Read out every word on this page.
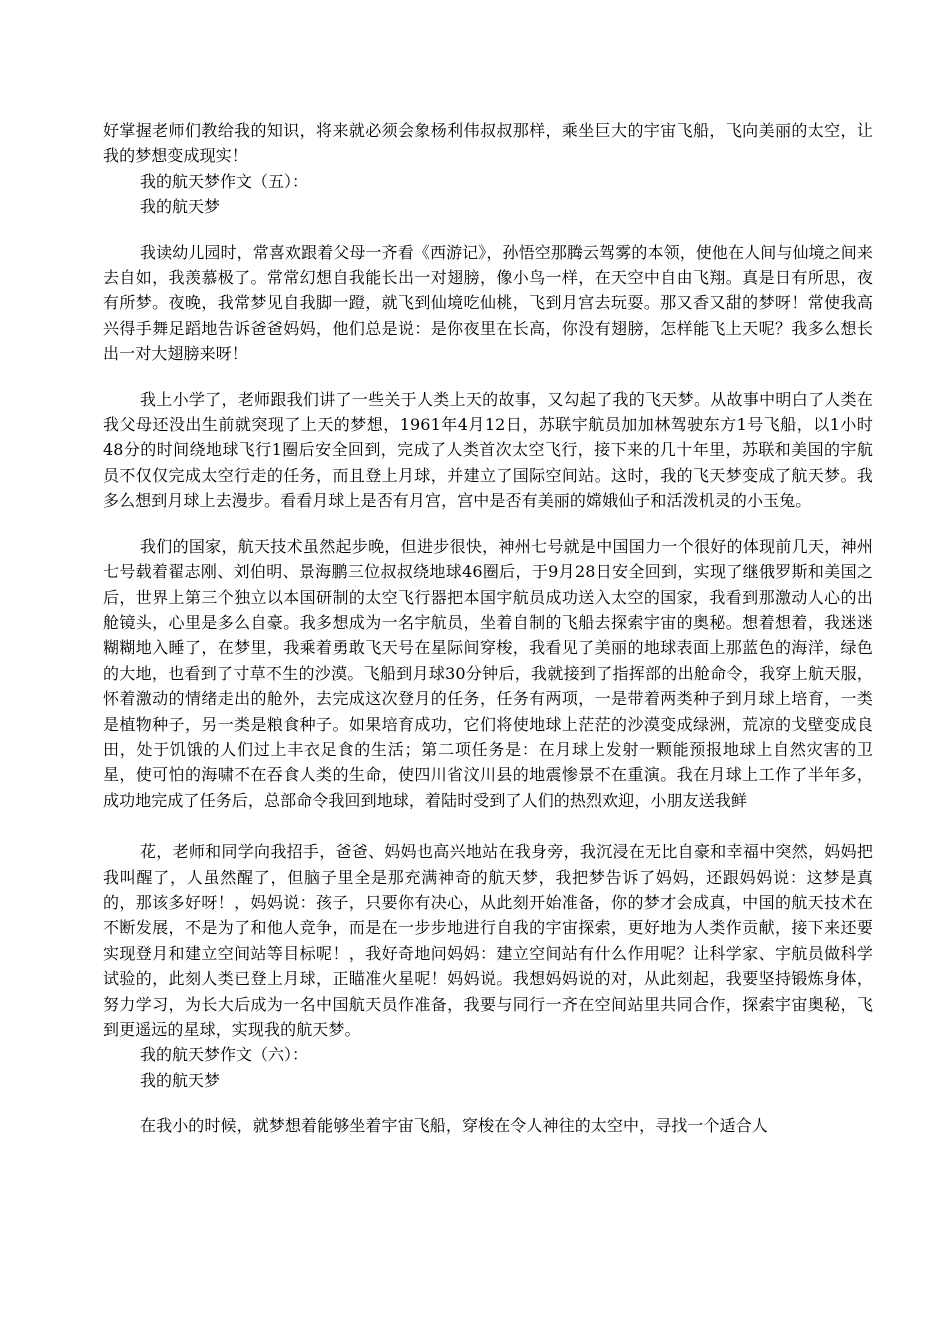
好掌握老师们教给我的知识，将来就必须会象杨利伟叔叔那样，乘坐巨大的宇宙飞船，飞向美丽的太空，让我的梦想变成现实！

我的航天梦作文（五）：

我的航天梦

我读幼儿园时，常喜欢跟着父母一齐看《西游记》，孙悟空那腾云驾雾的本领，使他在人间与仙境之间来去自如，我羡慕极了。常常幻想自我能长出一对翅膀，像小鸟一样，在天空中自由飞翔。真是日有所思，夜有所梦。夜晚，我常梦见自我脚一蹬，就飞到仙境吃仙桃，飞到月宫去玩耍。那又香又甜的梦呀！常使我高兴得手舞足蹈地告诉爸爸妈妈，他们总是说：是你夜里在长高，你没有翅膀，怎样能飞上天呢？我多么想长出一对大翅膀来呀！

我上小学了，老师跟我们讲了一些关于人类上天的故事，又勾起了我的飞天梦。从故事中明白了人类在我父母还没出生前就突现了上天的梦想，1961年4月12日，苏联宇航员加加林驾驶东方1号飞船，以1小时48分的时间绕地球飞行1圈后安全回到，完成了人类首次太空飞行，接下来的几十年里，苏联和美国的宇航员不仅仅完成太空行走的任务，而且登上月球，并建立了国际空间站。这时，我的飞天梦变成了航天梦。我多么想到月球上去漫步。看看月球上是否有月宫，宫中是否有美丽的嫦娥仙子和活泼机灵的小玉兔。

我们的国家，航天技术虽然起步晚，但进步很快，神州七号就是中国国力一个很好的体现前几天，神州七号载着翟志刚、刘伯明、景海鹏三位叔叔绕地球46圈后，于9月28日安全回到，实现了继俄罗斯和美国之后，世界上第三个独立以本国研制的太空飞行器把本国宇航员成功送入太空的国家，我看到那激动人心的出舱镜头，心里是多么自豪。我多想成为一名宇航员，坐着自制的飞船去探索宇宙的奥秘。想着想着，我迷迷糊糊地入睡了，在梦里，我乘着勇敢飞天号在星际间穿梭，我看见了美丽的地球表面上那蓝色的海洋，绿色的大地，也看到了寸草不生的沙漠。飞船到月球30分钟后，我就接到了指挥部的出舱命令，我穿上航天服，怀着激动的情绪走出的舱外，去完成这次登月的任务，任务有两项，一是带着两类种子到月球上培育，一类是植物种子，另一类是粮食种子。如果培育成功，它们将使地球上茫茫的沙漠变成绿洲，荒凉的戈壁变成良田，处于饥饿的人们过上丰衣足食的生活；第二项任务是：在月球上发射一颗能预报地球上自然灾害的卫星，使可怕的海啸不在吞食人类的生命，使四川省汶川县的地震惨景不在重演。我在月球上工作了半年多，成功地完成了任务后，总部命令我回到地球，着陆时受到了人们的热烈欢迎，小朋友送我鲜

花，老师和同学向我招手，爸爸、妈妈也高兴地站在我身旁，我沉浸在无比自豪和幸福中突然，妈妈把我叫醒了，人虽然醒了，但脑子里全是那充满神奇的航天梦，我把梦告诉了妈妈，还跟妈妈说：这梦是真的，那该多好呀！，妈妈说：孩子，只要你有决心，从此刻开始准备，你的梦才会成真，中国的航天技术在不断发展，不是为了和他人竞争，而是在一步步地进行自我的宇宙探索，更好地为人类作贡献，接下来还要实现登月和建立空间站等目标呢！，我好奇地问妈妈：建立空间站有什么作用呢？让科学家、宇航员做科学试验的，此刻人类已登上月球，正瞄准火星呢！妈妈说。我想妈妈说的对，从此刻起，我要坚持锻炼身体，努力学习，为长大后成为一名中国航天员作准备，我要与同行一齐在空间站里共同合作，探索宇宙奥秘，飞到更遥远的星球，实现我的航天梦。

我的航天梦作文（六）：

我的航天梦

在我小的时候，就梦想着能够坐着宇宙飞船，穿梭在令人神往的太空中，寻找一个适合人
